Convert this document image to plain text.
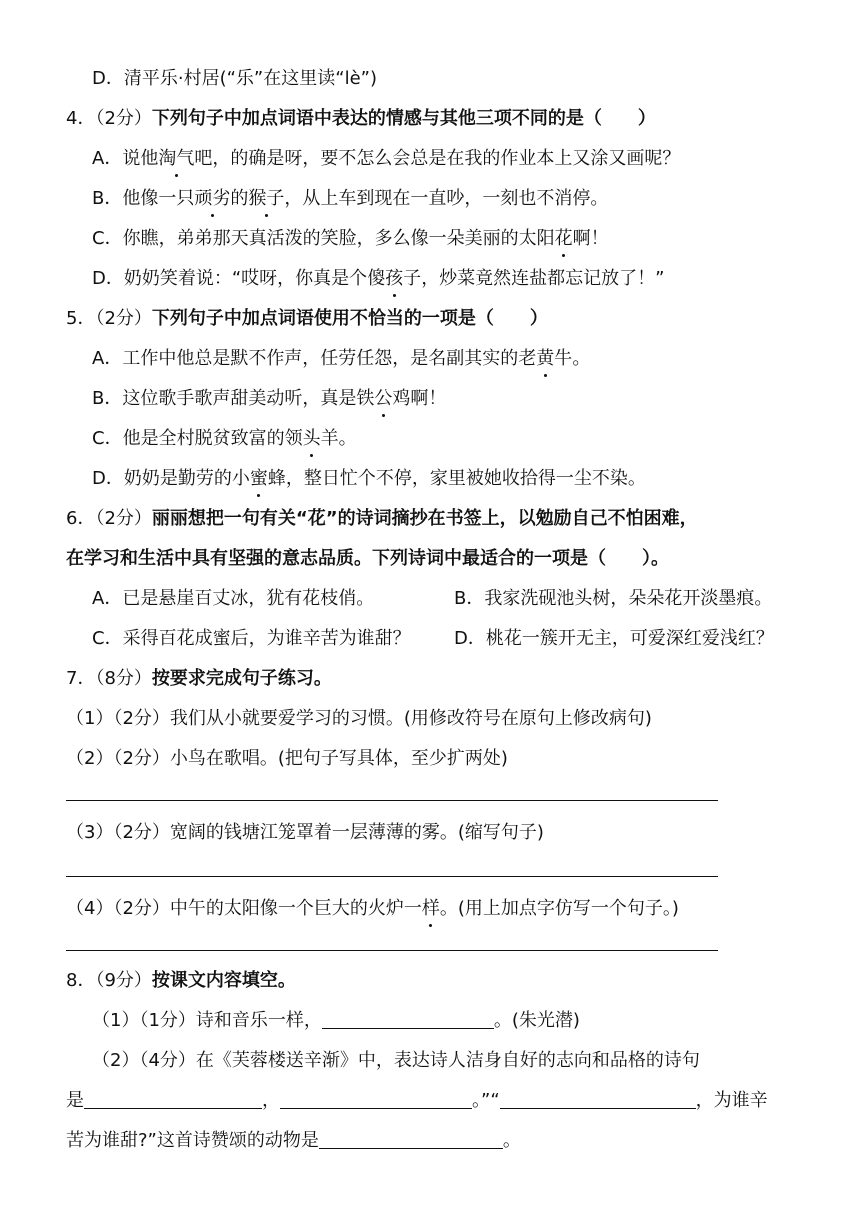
D．清平乐·村居(“乐”在这里读“lè”)
4．（2分）下列句子中加点词语中表达的情感与其他三项不同的是（ ）
A．说他淘气吧，的确是呀，要不怎么会总是在我的作业本上又涂又画呢？
B．他像一只顽劣的猴子，从上车到现在一直吵，一刻也不消停。
C．你瞧，弟弟那天真活泼的笑脸，多么像一朵美丽的太阳花啊！
D．奶奶笑着说：“哎呀，你真是个傻孩子，炒菜竟然连盐都忘记放了！”
5．（2分）下列句子中加点词语使用不恰当的一项是（ ）
A．工作中他总是默不作声，任劳任怨，是名副其实的老黄牛。
B．这位歌手歌声甜美动听，真是铁公鸡啊！
C．他是全村脱贫致富的领头羊。
D．奶奶是勤劳的小蜜蜂，整日忙个不停，家里被她收拾得一尘不染。
6．（2分）丽丽想把一句有关“花”的诗词摘抄在书签上，以勉励自己不怕困难，
在学习和生活中具有坚强的意志品质。下列诗词中最适合的一项是（ ）。
A．已是悬崖百丈冰，犹有花枝俏。	B．我家洗砚池头树，朵朵花开淡墨痕。
C．采得百花成蜜后，为谁辛苦为谁甜？ D．桃花一簇开无主，可爱深红爱浅红？
7．（8分）按要求完成句子练习。
（1）（2分）我们从小就要爱学习的习惯。(用修改符号在原句上修改病句)
（2）（2分）小鸟在歌唱。(把句子写具体，至少扩两处)
（3）（2分）宽阔的钱塘江笼罩着一层薄薄的雾。(缩写句子)
（4）（2分）中午的太阳像一个巨大的火炉一样。(用上加点字仿写一个句子。)
8．（9分）按课文内容填空。
（1）（1分）诗和音乐一样，	。(朱光潜)
（2）（4分）在《芙蓉楼送辛渐》中，表达诗人洁身自好的志向和品格的诗句
是	，	。”“	，为谁辛
苦为谁甜?”这首诗赞颂的动物是	。
